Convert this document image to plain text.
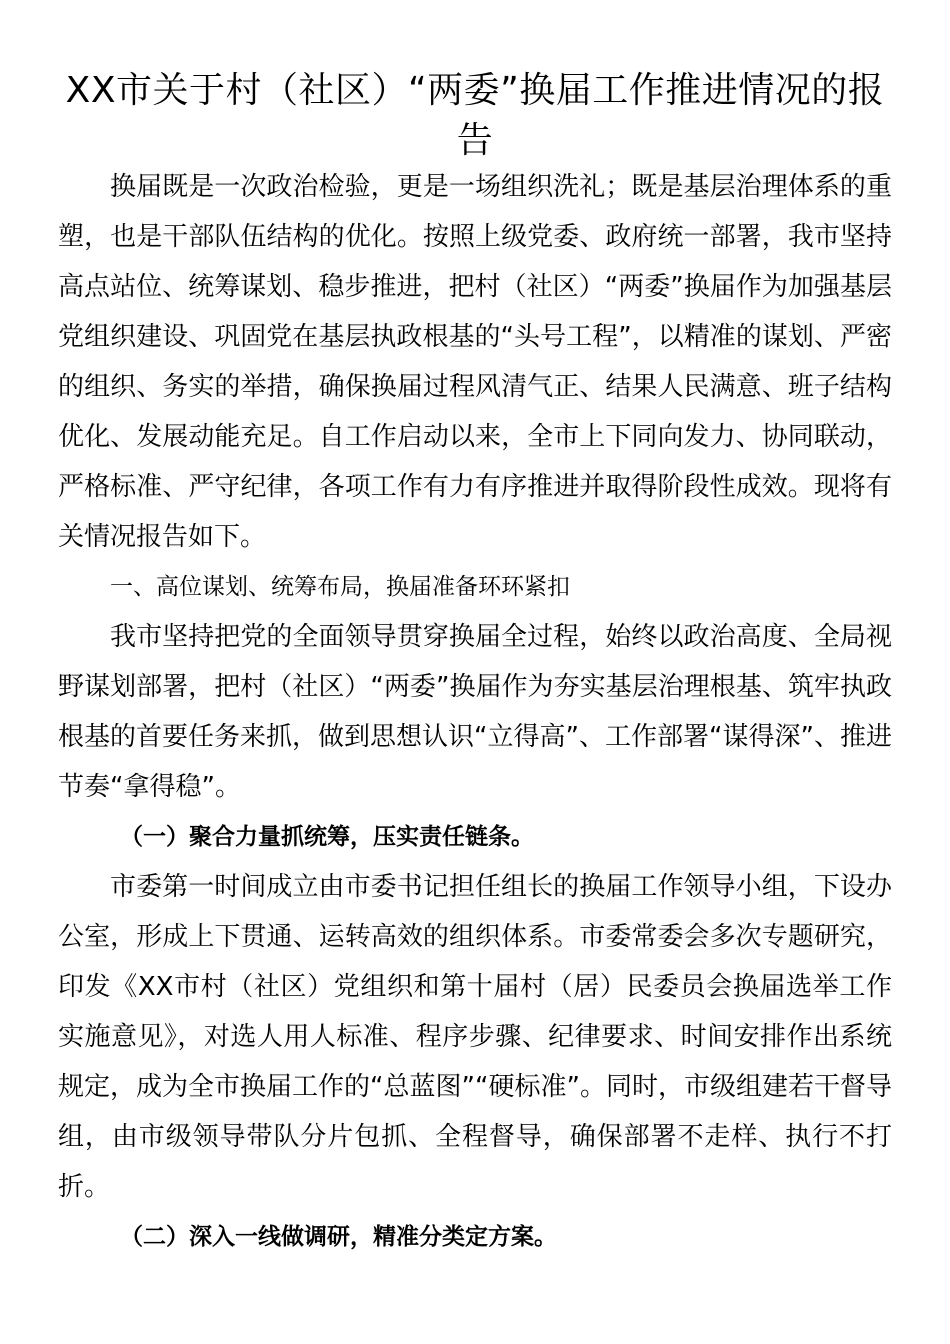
XX市关于村（社区）“两委”换届工作推进情况的报告

换届既是一次政治检验，更是一场组织洗礼；既是基层治理体系的重塑，也是干部队伍结构的优化。按照上级党委、政府统一部署，我市坚持高点站位、统筹谋划、稳步推进，把村（社区）“两委”换届作为加强基层党组织建设、巩固党在基层执政根基的“头号工程”，以精准的谋划、严密的组织、务实的举措，确保换届过程风清气正、结果人民满意、班子结构优化、发展动能充足。自工作启动以来，全市上下同向发力、协同联动，严格标准、严守纪律，各项工作有力有序推进并取得阶段性成效。现将有关情况报告如下。

一、高位谋划、统筹布局，换届准备环环紧扣

我市坚持把党的全面领导贯穿换届全过程，始终以政治高度、全局视野谋划部署，把村（社区）“两委”换届作为夯实基层治理根基、筑牢执政根基的首要任务来抓，做到思想认识“立得高”、工作部署“谋得深”、推进节奏“拿得稳”。

（一）聚合力量抓统筹，压实责任链条。

市委第一时间成立由市委书记担任组长的换届工作领导小组，下设办公室，形成上下贯通、运转高效的组织体系。市委常委会多次专题研究，印发《XX市村（社区）党组织和第十届村（居）民委员会换届选举工作实施意见》，对选人用人标准、程序步骤、纪律要求、时间安排作出系统规定，成为全市换届工作的“总蓝图”“硬标准”。同时，市级组建若干督导组，由市级领导带队分片包抓、全程督导，确保部署不走样、执行不打折。

（二）深入一线做调研，精准分类定方案。
